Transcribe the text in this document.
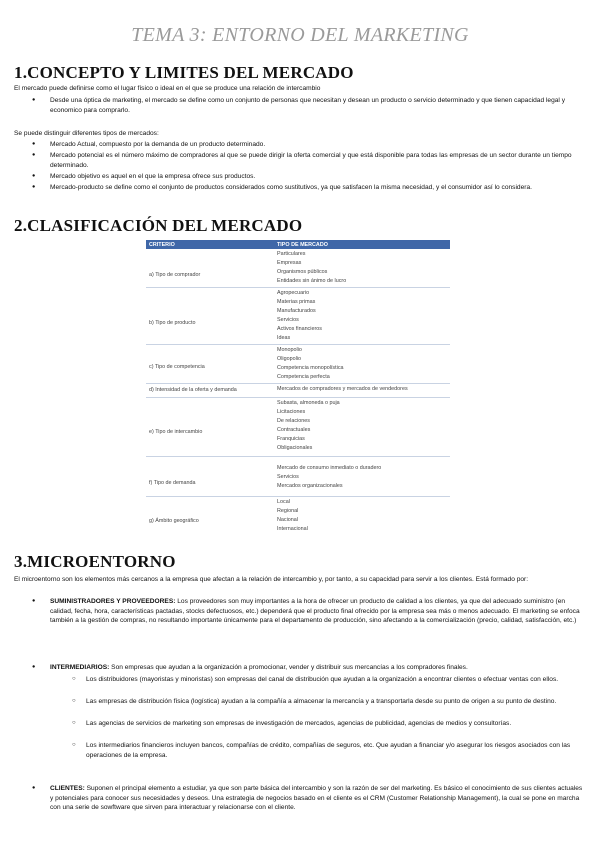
TEMA 3: ENTORNO DEL MARKETING
1.CONCEPTO Y LIMITES DEL MERCADO
El mercado puede definirse como el lugar físico o ideal en el que se produce una relación de intercambio
● Desde una óptica de marketing, el mercado se define como un conjunto de personas que necesitan y desean un producto o servicio determinado y que tienen capacidad legal y economico para comprarlo.
Se puede distinguir diferentes tipos de mercados:
● Mercado Actual, compuesto por la demanda de un producto determinado.
● Mercado potencial es el número máximo de compradores al que se puede dirigir la oferta comercial y que está disponible para todas las empresas de un sector durante un tiempo determinado.
● Mercado objetivo es aquel en el que la empresa ofrece sus productos.
● Mercado-producto se define como el conjunto de productos considerados como sustitutivos, ya que satisfacen la misma necesidad, y el consumidor así lo considera.
2.CLASIFICACIÓN DEL MERCADO
CRITERIO	TIPO DE MERCADO
a) Tipo de comprador
Particulares
Empresas
Organismos públicos
Entidades sin ánimo de lucro
b) Tipo de producto
Agropecuario
Materias primas
Manufacturados
Servicios
Activos financieros
Ideas
c) Tipo de competencia
Monopolio
Oligopolio
Competencia monopolística
Competencia perfecta
d) Intensidad de la oferta y demanda	Mercados de compradores y mercados de vendedores
e) Tipo de intercambio
Subasta, almoneda o puja
Licitaciones
De relaciones
Contractuales
Franquicias
Obligacionales
f) Tipo de demanda
Mercado de consumo inmediato o duradero
Servicios
Mercados organizacionales
g) Ámbito geográfico
Local
Regional
Nacional
Internacional
3.MICROENTORNO
El microentorno son los elementos más cercanos a la empresa que afectan a la relación de intercambio y, por tanto, a su capacidad para servir a los clientes. Está formado por:
● SUMINISTRADORES Y PROVEEDORES: Los proveedores son muy importantes a la hora de ofrecer un producto de calidad a los clientes, ya que del adecuado suministro (en calidad, fecha, hora, características pactadas, stocks defectuosos, etc.) dependerá que el producto final ofrecido por la empresa sea más o menos adecuado. El marketing se enfoca también a la gestión de compras, no resultando importante únicamente para el departamento de producción, sino afectando a la comercialización (precio, calidad, satisfacción, etc.)
● INTERMEDIARIOS: Son empresas que ayudan a la organización a promocionar, vender y distribuir sus mercancías a los compradores finales.
○ Los distribuidores (mayoristas y minoristas) son empresas del canal de distribución que ayudan a la organización a encontrar clientes o efectuar ventas con ellos.
○ Las empresas de distribución física (logística) ayudan a la compañía a almacenar la mercancía y a transportarla desde su punto de origen a su punto de destino.
○ Las agencias de servicios de marketing son empresas de investigación de mercados, agencias de publicidad, agencias de medios y consultorías.
○ Los intermediarios financieros incluyen bancos, compañías de crédito, compañías de seguros, etc. Que ayudan a financiar y/o asegurar los riesgos asociados con las operaciones de la empresa.
● CLIENTES: Suponen el principal elemento a estudiar, ya que son parte básica del intercambio y son la razón de ser del marketing. Es básico el conocimiento de sus clientes actuales y potenciales para conocer sus necesidades y deseos. Una estrategia de negocios basado en el cliente es el CRM (Customer Relationship Management), la cual se pone en marcha con una serie de sowftware que sirven para interactuar y relacionarse con el cliente.
